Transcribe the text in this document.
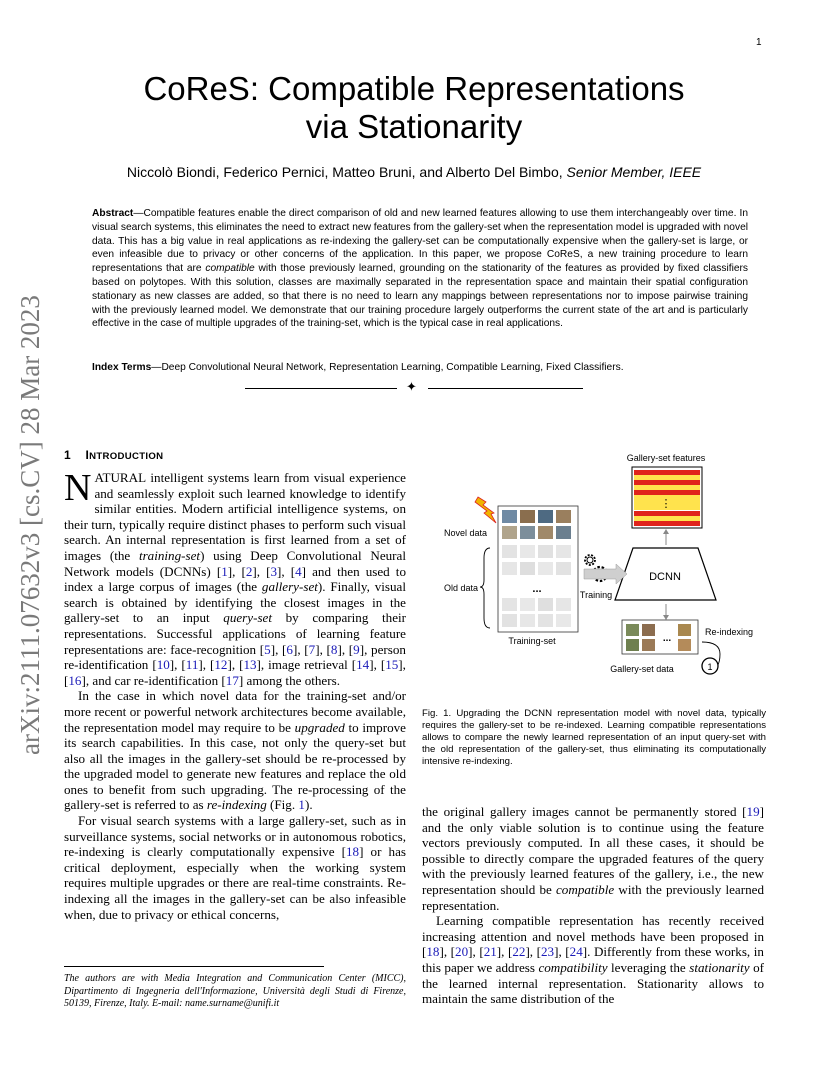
1
arXiv:2111.07632v3 [cs.CV] 28 Mar 2023
CoReS: Compatible Representations
via Stationarity
Niccolò Biondi, Federico Pernici, Matteo Bruni, and Alberto Del Bimbo, Senior Member, IEEE
Abstract—Compatible features enable the direct comparison of old and new learned features allowing to use them interchangeably over time. In visual search systems, this eliminates the need to extract new features from the gallery-set when the representation model is upgraded with novel data. This has a big value in real applications as re-indexing the gallery-set can be computationally expensive when the gallery-set is large, or even infeasible due to privacy or other concerns of the application. In this paper, we propose CoReS, a new training procedure to learn representations that are compatible with those previously learned, grounding on the stationarity of the features as provided by fixed classifiers based on polytopes. With this solution, classes are maximally separated in the representation space and maintain their spatial configuration stationary as new classes are added, so that there is no need to learn any mappings between representations nor to impose pairwise training with the previously learned model. We demonstrate that our training procedure largely outperforms the current state of the art and is particularly effective in the case of multiple upgrades of the training-set, which is the typical case in real applications.
Index Terms—Deep Convolutional Neural Network, Representation Learning, Compatible Learning, Fixed Classifiers.
✦
1 INTRODUCTION

NATURAL intelligent systems learn from visual experience and seamlessly exploit such learned knowledge to identify similar entities. Modern artificial intelligence systems, on their turn, typically require distinct phases to perform such visual search. An internal representation is first learned from a set of images (the training-set) using Deep Convolutional Neural Network models (DCNNs) [1], [2], [3], [4] and then used to index a large corpus of images (the gallery-set). Finally, visual search is obtained by identifying the closest images in the gallery-set to an input query-set by comparing their representations. Successful applications of learning feature representations are: face-recognition [5], [6], [7], [8], [9], person re-identification [10], [11], [12], [13], image retrieval [14], [15], [16], and car re-identification [17] among the others.

In the case in which novel data for the training-set and/or more recent or powerful network architectures become available, the representation model may require to be upgraded to improve its search capabilities. In this case, not only the query-set but also all the images in the gallery-set should be re-processed by the upgraded model to generate new features and replace the old ones to benefit from such upgrading. The re-processing of the gallery-set is referred to as re-indexing (Fig. 1).

For visual search systems with a large gallery-set, such as in surveillance systems, social networks or in autonomous robotics, re-indexing is clearly computationally expensive [18] or has critical deployment, especially when the working system requires multiple upgrades or there are real-time constraints. Re-indexing all the images in the gallery-set can be also infeasible when, due to privacy or ethical concerns,

The authors are with Media Integration and Communication Center (MICC), Dipartimento di Ingegneria dell'Informazione, Università degli Studi di Firenze, 50139, Firenze, Italy. E-mail: name.surname@unifi.it
Gallery-set features
⋮
DCNN
...
Training-set
Novel data
Old data
Training
...
Re-indexing
1
Gallery-set data
Fig. 1. Upgrading the DCNN representation model with novel data, typically requires the gallery-set to be re-indexed. Learning compatible representations allows to compare the newly learned representation of an input query-set with the old representation of the gallery-set, thus eliminating its computationally intensive re-indexing.

the original gallery images cannot be permanently stored [19] and the only viable solution is to continue using the feature vectors previously computed. In all these cases, it should be possible to directly compare the upgraded features of the query with the previously learned features of the gallery, i.e., the new representation should be compatible with the previously learned representation.

Learning compatible representation has recently received increasing attention and novel methods have been proposed in [18], [20], [21], [22], [23], [24]. Differently from these works, in this paper we address compatibility leveraging the stationarity of the learned internal representation. Stationarity allows to maintain the same distribution of the
